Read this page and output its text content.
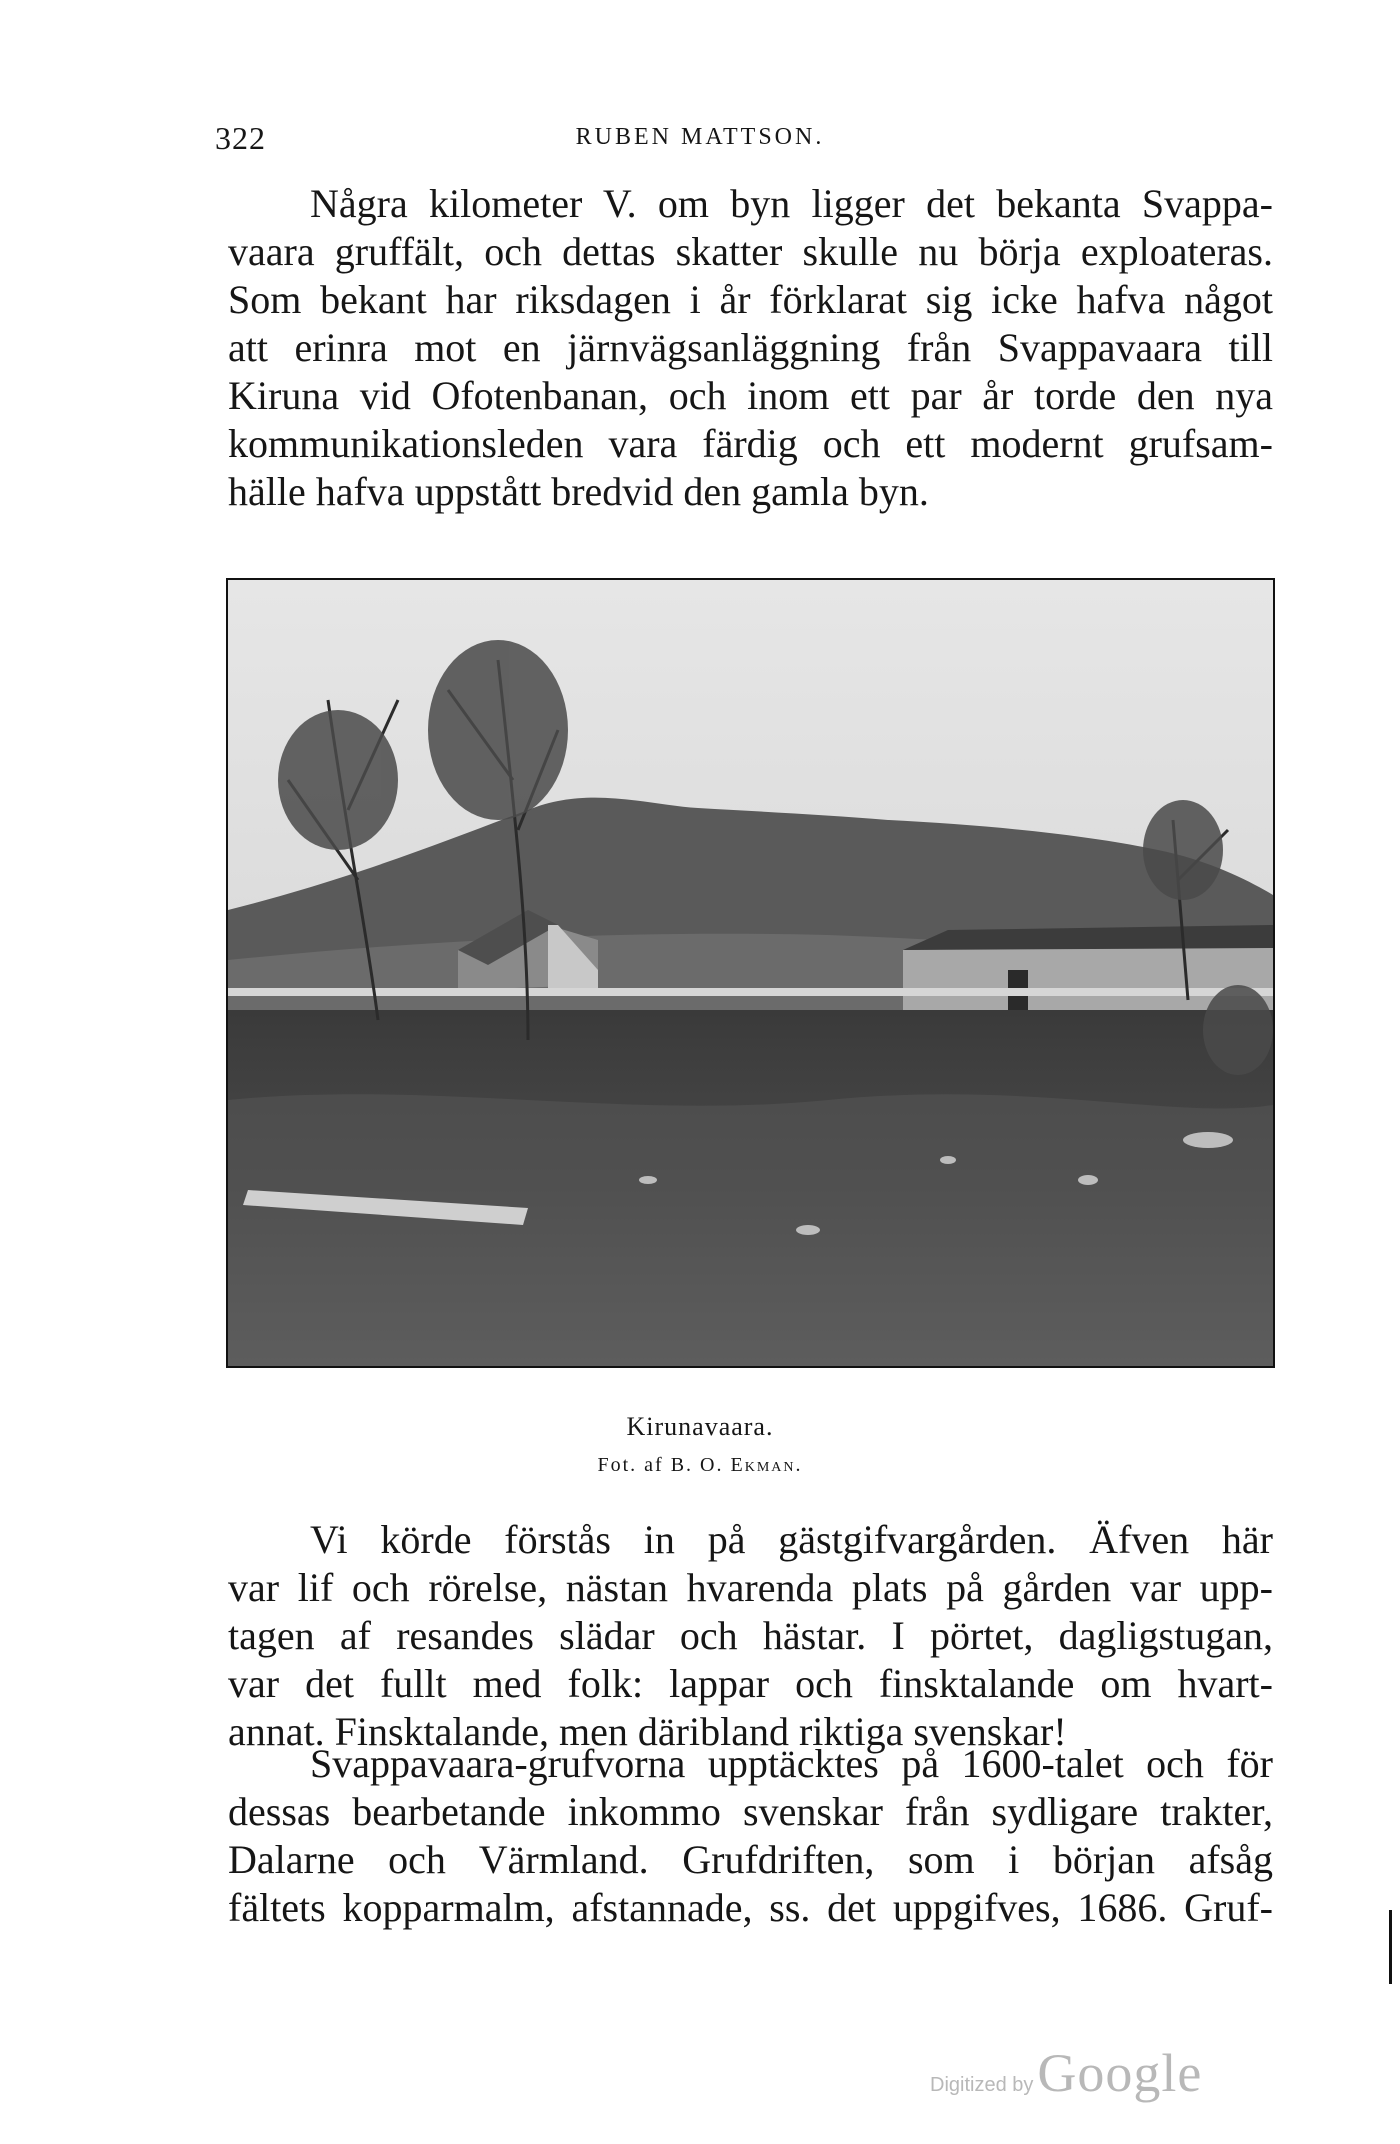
322	RUBEN MATTSON.

Några kilometer V. om byn ligger det bekanta Svappa-
vaara gruffält, och dettas skatter skulle nu börja exploateras.
Som bekant har riksdagen i år förklarat sig icke hafva något
att erinra mot en järnvägsanläggning från Svappavaara till
Kiruna vid Ofotenbanan, och inom ett par år torde den nya
kommunikationsleden vara färdig och ett modernt grufsam-
hälle hafva uppstått bredvid den gamla byn.

Kirunavaara.
Fot. af B. O. Ekman.

Vi körde förstås in på gästgifvargården. Äfven här
var lif och rörelse, nästan hvarenda plats på gården var upp-
tagen af resandes slädar och hästar. I pörtet, dagligstugan,
var det fullt med folk: lappar och finsktalande om hvart-
annat. Finsktalande, men däribland riktiga svenskar!

Svappavaara-grufvorna upptäcktes på 1600-talet och för
dessas bearbetande inkommo svenskar från sydligare trakter,
Dalarne och Värmland. Grufdriften, som i början afsåg
fältets kopparmalm, afstannade, ss. det uppgifves, 1686. Gruf-

Digitized by Google
